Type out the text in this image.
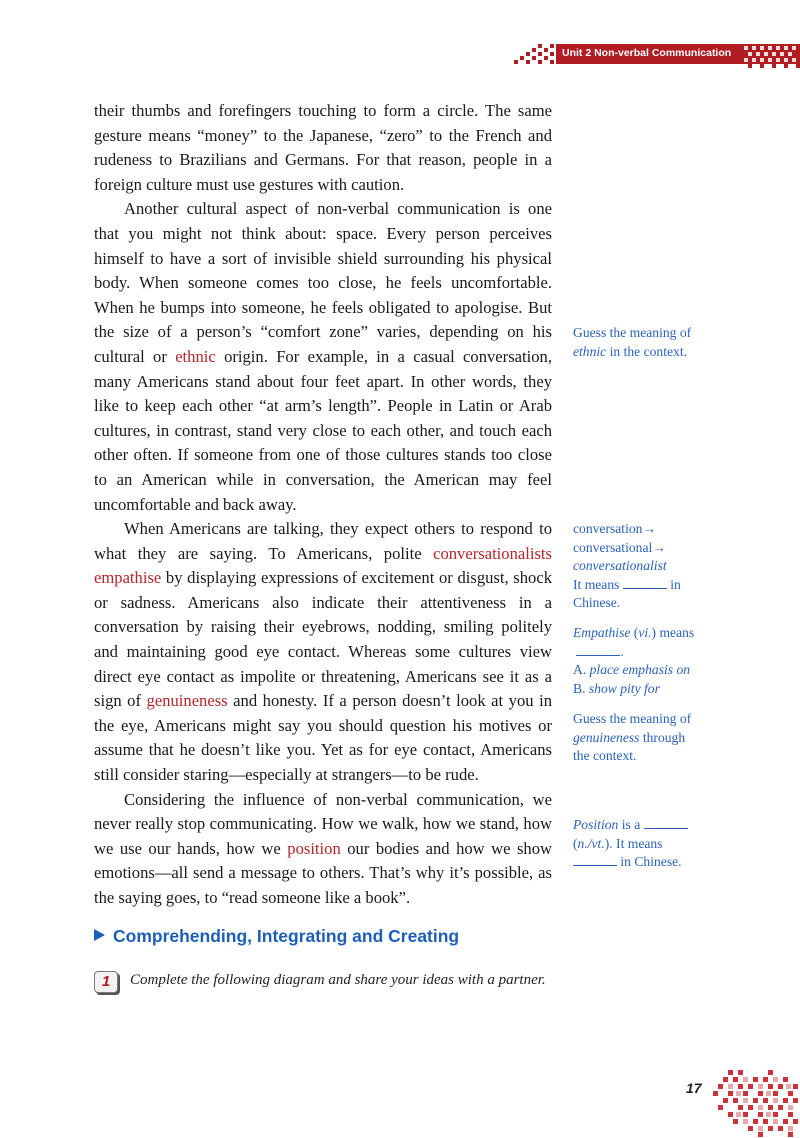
Unit 2 Non-verbal Communication

their thumbs and forefingers touching to form a circle. The same gesture means “money” to the Japanese, “zero” to the French and rudeness to Brazilians and Germans. For that reason, people in a foreign culture must use gestures with caution.

Another cultural aspect of non-verbal communication is one that you might not think about: space. Every person perceives himself to have a sort of invisible shield surrounding his physical body. When someone comes too close, he feels uncomfortable. When he bumps into someone, he feels obligated to apologise. But the size of a person’s “comfort zone” varies, depending on his cultural or ethnic origin. For example, in a casual conversation, many Americans stand about four feet apart. In other words, they like to keep each other “at arm’s length”. People in Latin or Arab cultures, in contrast, stand very close to each other, and touch each other often. If someone from one of those cultures stands too close to an American while in conversation, the American may feel uncomfortable and back away.

When Americans are talking, they expect others to respond to what they are saying. To Americans, polite conversationalists empathise by displaying expressions of excitement or disgust, shock or sadness. Americans also indicate their attentiveness in a conversation by raising their eyebrows, nodding, smiling politely and maintaining good eye contact. Whereas some cultures view direct eye contact as impolite or threatening, Americans see it as a sign of genuineness and honesty. If a person doesn’t look at you in the eye, Americans might say you should question his motives or assume that he doesn’t like you. Yet as for eye contact, Americans still consider staring—especially at strangers—to be rude.

Considering the influence of non-verbal communication, we never really stop communicating. How we walk, how we stand, how we use our hands, how we position our bodies and how we show emotions—all send a message to others. That’s why it’s possible, as the saying goes, to “read someone like a book”.

Guess the meaning of

ethnic in the context.

conversation→

conversational→

conversationalist

It means	in

Chinese.

Empathise (vi.) means

.

A. place emphasis on

B. show pity for

Guess the meaning of

genuineness through

the context.

Position is a

(n./vt.). It means

in Chinese.

Comprehending, Integrating and Creating
1	Complete the following diagram and share your ideas with a partner.
17
